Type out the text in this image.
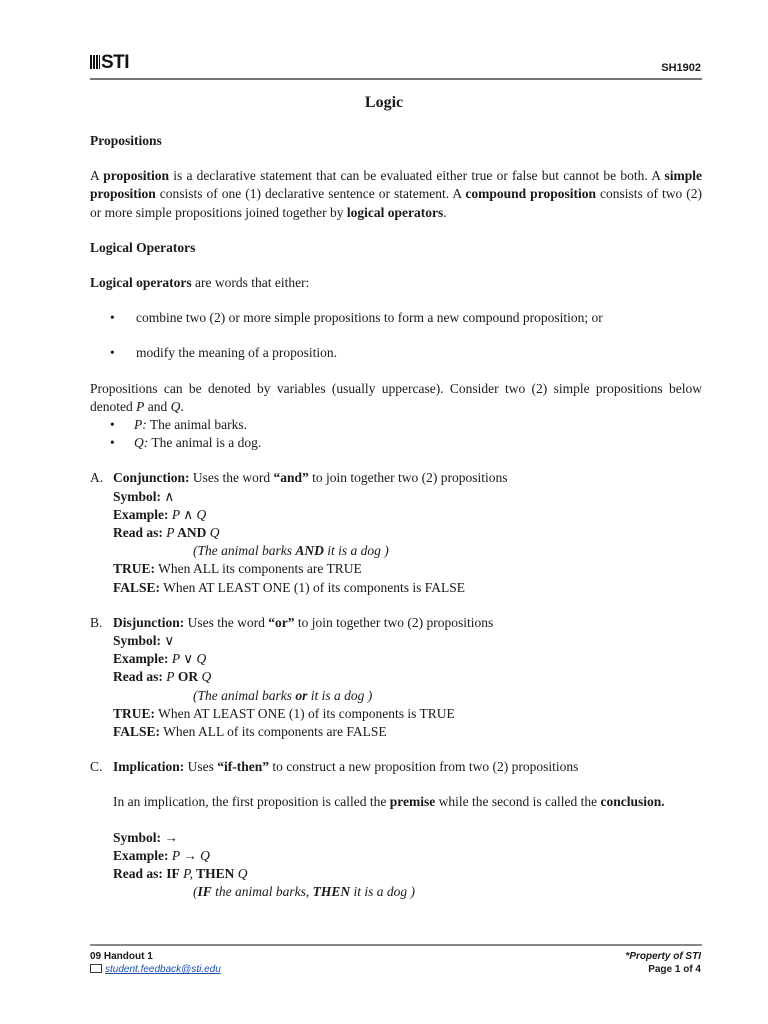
STI	SH1902
Logic

Propositions

A proposition is a declarative statement that can be evaluated either true or false but cannot be both. A simple proposition consists of one (1) declarative sentence or statement. A compound proposition consists of two (2) or more simple propositions joined together by logical operators.

Logical Operators

Logical operators are words that either:

• combine two (2) or more simple propositions to form a new compound proposition; or

• modify the meaning of a proposition.

Propositions can be denoted by variables (usually uppercase). Consider two (2) simple propositions below denoted P and Q.

• P: The animal barks.

• Q: The animal is a dog.

A. Conjunction: Uses the word “and” to join together two (2) propositions

Symbol: ∧

Example: P ∧ Q

Read as: P AND Q

(The animal barks AND it is a dog )

TRUE: When ALL its components are TRUE

FALSE: When AT LEAST ONE (1) of its components is FALSE

B. Disjunction: Uses the word “or” to join together two (2) propositions

Symbol: ∨

Example: P ∨ Q

Read as: P OR Q

(The animal barks or it is a dog )

TRUE: When AT LEAST ONE (1) of its components is TRUE

FALSE: When ALL of its components are FALSE

C. Implication: Uses “if-then” to construct a new proposition from two (2) propositions

In an implication, the first proposition is called the premise while the second is called the conclusion.

Symbol: →

Example: P → Q

Read as: IF P, THEN Q

(IF the animal barks, THEN it is a dog )

09 Handout 1
student.feedback@sti.edu
*Property of STI
Page 1 of 4
